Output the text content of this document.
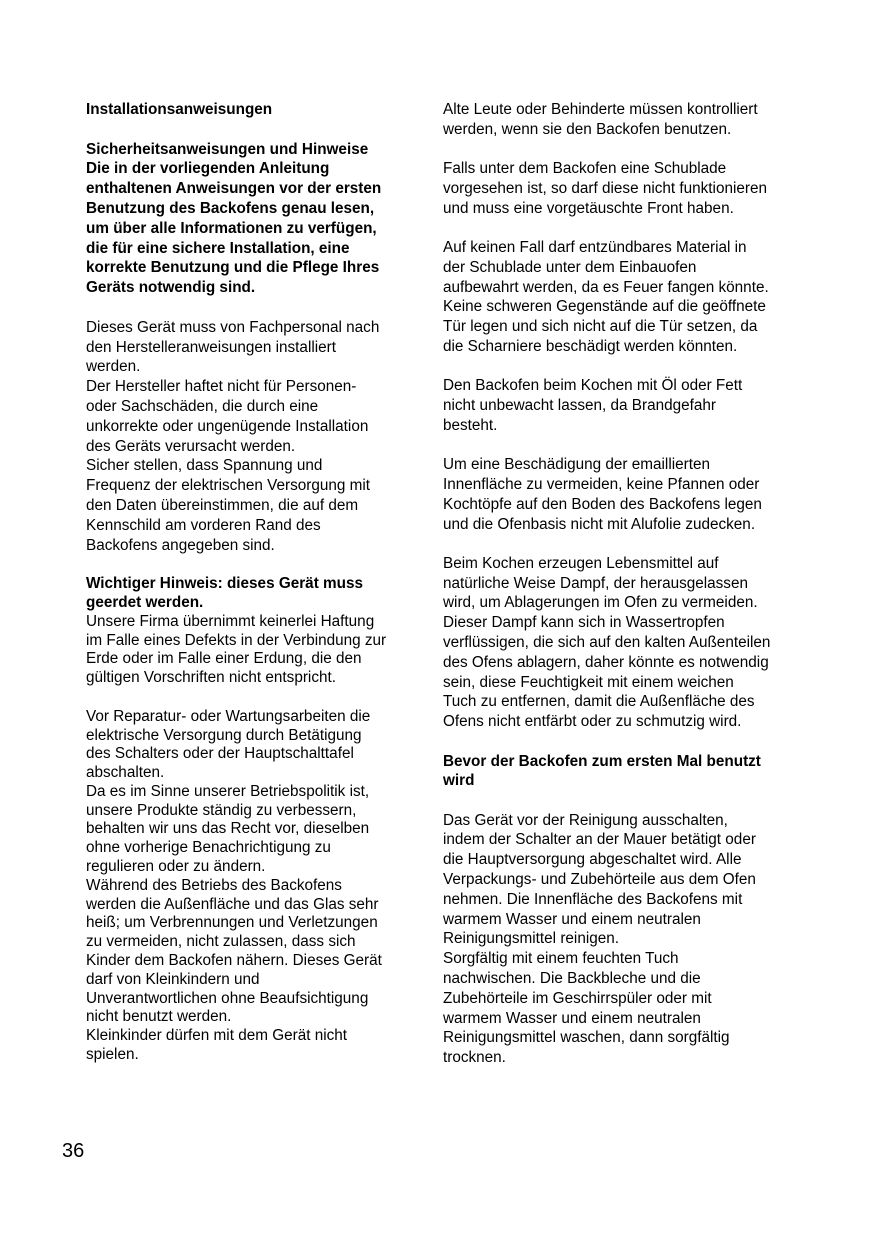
Installationsanweisungen

Sicherheitsanweisungen und Hinweise

Die in der vorliegenden Anleitung

enthaltenen Anweisungen vor der ersten

Benutzung des Backofens genau lesen,

um über alle Informationen zu verfügen,

die für eine sichere Installation, eine

korrekte Benutzung und die Pflege Ihres

Geräts notwendig sind.

Dieses Gerät muss von Fachpersonal nach

den Herstelleranweisungen installiert

werden.

Der Hersteller haftet nicht für Personen-

oder Sachschäden, die durch eine

unkorrekte oder ungenügende Installation

des Geräts verursacht werden.

Sicher stellen, dass Spannung und

Frequenz der elektrischen Versorgung mit

den Daten übereinstimmen, die auf dem

Kennschild am vorderen Rand des

Backofens angegeben sind.

Wichtiger Hinweis: dieses Gerät muss

geerdet werden.

Unsere Firma übernimmt keinerlei Haftung

im Falle eines Defekts in der Verbindung zur

Erde oder im Falle einer Erdung, die den

gültigen Vorschriften nicht entspricht.

Vor Reparatur- oder Wartungsarbeiten die

elektrische Versorgung durch Betätigung

des Schalters oder der Hauptschalttafel

abschalten.

Da es im Sinne unserer Betriebspolitik ist,

unsere Produkte ständig zu verbessern,

behalten wir uns das Recht vor, dieselben

ohne vorherige Benachrichtigung zu

regulieren oder zu ändern.

Während des Betriebs des Backofens

werden die Außenfläche und das Glas sehr

heiß; um Verbrennungen und Verletzungen

zu vermeiden, nicht zulassen, dass sich

Kinder dem Backofen nähern. Dieses Gerät

darf von Kleinkindern und

Unverantwortlichen ohne Beaufsichtigung

nicht benutzt werden.

Kleinkinder dürfen mit dem Gerät nicht

spielen.

Alte Leute oder Behinderte müssen kontrolliert

werden, wenn sie den Backofen benutzen.

Falls unter dem Backofen eine Schublade

vorgesehen ist, so darf diese nicht funktionieren

und muss eine vorgetäuschte Front haben.

Auf keinen Fall darf entzündbares Material in

der Schublade unter dem Einbauofen

aufbewahrt werden, da es Feuer fangen könnte.

Keine schweren Gegenstände auf die geöffnete

Tür legen und sich nicht auf die Tür setzen, da

die Scharniere beschädigt werden könnten.

Den Backofen beim Kochen mit Öl oder Fett

nicht unbewacht lassen, da Brandgefahr

besteht.

Um eine Beschädigung der emaillierten

Innenfläche zu vermeiden, keine Pfannen oder

Kochtöpfe auf den Boden des Backofens legen

und die Ofenbasis nicht mit Alufolie zudecken.

Beim Kochen erzeugen Lebensmittel auf

natürliche Weise Dampf, der herausgelassen

wird, um Ablagerungen im Ofen zu vermeiden.

Dieser Dampf kann sich in Wassertropfen

verflüssigen, die sich auf den kalten Außenteilen

des Ofens ablagern, daher könnte es notwendig

sein, diese Feuchtigkeit mit einem weichen

Tuch zu entfernen, damit die Außenfläche des

Ofens nicht entfärbt oder zu schmutzig wird.

Bevor der Backofen zum ersten Mal benutzt

wird

Das Gerät vor der Reinigung ausschalten,

indem der Schalter an der Mauer betätigt oder

die Hauptversorgung abgeschaltet wird. Alle

Verpackungs- und Zubehörteile aus dem Ofen

nehmen. Die Innenfläche des Backofens mit

warmem Wasser und einem neutralen

Reinigungsmittel reinigen.

Sorgfältig mit einem feuchten Tuch

nachwischen. Die Backbleche und die

Zubehörteile im Geschirrspüler oder mit

warmem Wasser und einem neutralen

Reinigungsmittel waschen, dann sorgfältig

trocknen.

36
